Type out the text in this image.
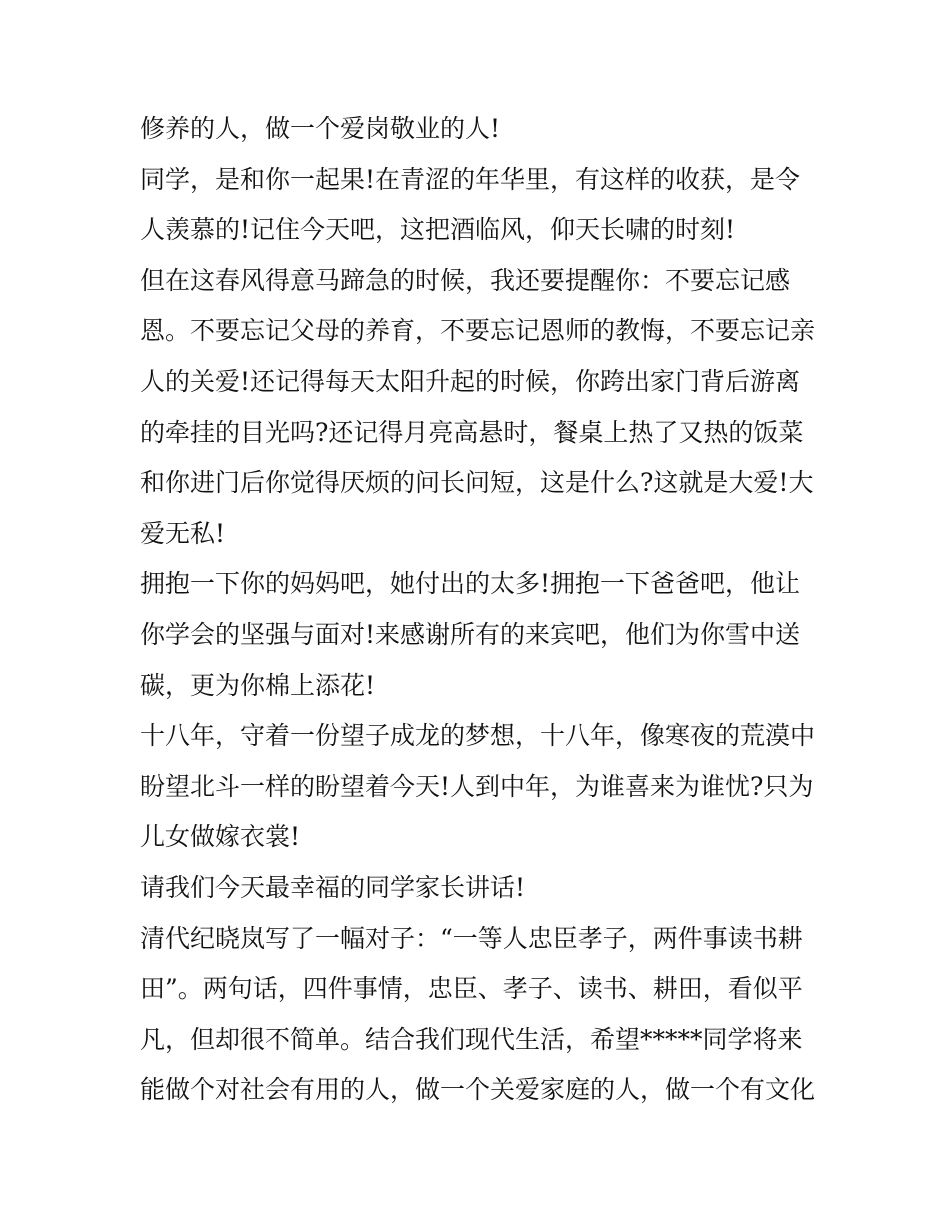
修养的人，做一个爱岗敬业的人!
同学，是和你一起果!在青涩的年华里，有这样的收获，是令
人羡慕的!记住今天吧，这把酒临风，仰天长啸的时刻!
但在这春风得意马蹄急的时候，我还要提醒你：不要忘记感
恩。不要忘记父母的养育，不要忘记恩师的教悔，不要忘记亲
人的关爱!还记得每天太阳升起的时候，你跨出家门背后游离
的牵挂的目光吗?还记得月亮高悬时，餐桌上热了又热的饭菜
和你进门后你觉得厌烦的问长问短，这是什么?这就是大爱!大
爱无私!
拥抱一下你的妈妈吧，她付出的太多!拥抱一下爸爸吧，他让
你学会的坚强与面对!来感谢所有的来宾吧，他们为你雪中送
碳，更为你棉上添花!
十八年，守着一份望子成龙的梦想，十八年，像寒夜的荒漠中
盼望北斗一样的盼望着今天!人到中年，为谁喜来为谁忧?只为
儿女做嫁衣裳!
请我们今天最幸福的同学家长讲话!
清代纪晓岚写了一幅对子：“一等人忠臣孝子，两件事读书耕
田”。两句话，四件事情，忠臣、孝子、读书、耕田，看似平
凡，但却很不简单。结合我们现代生活，希望*****同学将来
能做个对社会有用的人，做一个关爱家庭的人，做一个有文化
